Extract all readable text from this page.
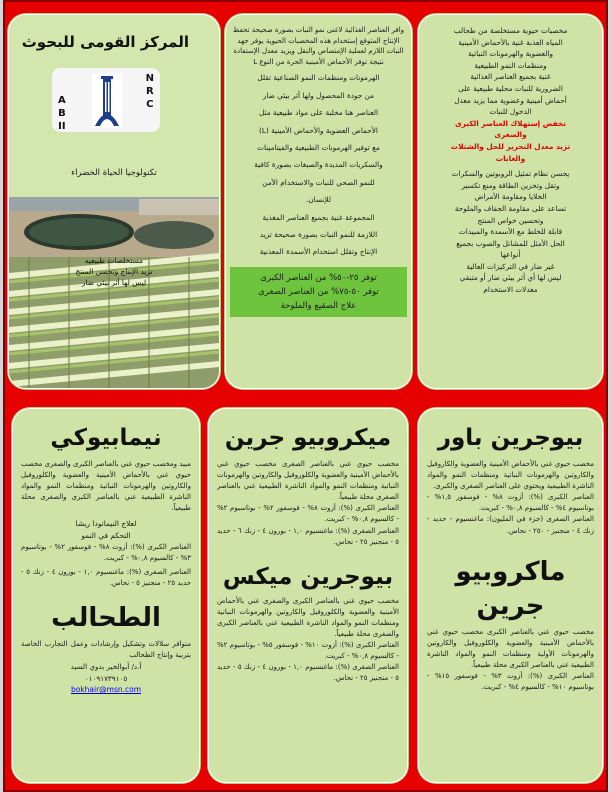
مخصبات حيوية مستخلصة من طحالب
المياه العذبة غنية بالأحماض الأمينية
والعضوية والهرمونات النباتية
ومنظمات النمو الطبيعية
غنية بجميع العناصر الغذائية
الضرورية للنبات محلية طبيعية على
أحماض أمينية وعضوية مما يزيد معدل
الدخول للنبات
تخفض إستهلاك العناصر الكبرى
والصغرى
تزيد معدل التحرير للحل والشتلات
والغابات
يحسن نظام تمثيل الروبوتين والسكرات
وتقل وتخزين الطاقة ومنع تكسير
الخلايا ومقاومة الأمراض
تساعد على مقاومة الجفاف والملوحة
وتحسين خواص المنتج
قابلة للخلط مع الأسمدة والمبيدات
الحل الأمثل للمشاتل والصوب بجميع
أنواعها
غير ضار في التركيزات العالية
ليس لها أي أثر بيئي ضار أو متبقي
معدلات الاستخدام
وافر العناصر الغذائية لاغنى نمو النبات بصورة صحيحة تحفظ الإنتاج المتوقع إستخدام هذه المخصبات الحيوية يوفر جهد النبات اللازم لعملية الإمتصاص والنقل ويزيد معدل الإستفادة نتيجة توفر الأحماض الأمينية الحرة من النوع L
الهرمونات ومنظمات النمو الصناعية تقلل
من جودة المحصول ولها أثر بيئي ضار
العناصر هنا مخلبة على مواد طبيعية مثل
الأحماض العضوية والأحماض الأمينية (L)
مع توفير الهرمونات الطبيعية والفيتامينات
والسكريات المديدة والصبغات بصورة كافية
للنمو الصحي للنبات والاستخدام الآمن
للإنسان.
المجموعة غنية بجميع العناصر المغذية
اللازمة للنمو النبات بصورة صحيحة تزيد
الإنتاج وتقلل استخدام الأسمدة المعدنية
توفر ٢٥-٥٠% من العناصر الكبرى
توفر ٥٠-٧٥% من العناصر الصغرى
علاج الصقيع والملوحة
المركز القومى للبحوث
N
R
C
A
B
II
تكنولوجيا الحياة الخضراء
مستخلصات طبيعيه
تزيد الإنتاج وتحسن المنتج
ليس لها أثر بيئي ضار
بيوجرين باور
مخصب حيوي غني بالأحماض الأمينية والعضوية والكاروفيل والكاروتين والهرمونات النباتية ومنظمات النمو والمواد الناشرة الطبيعية ويحتوي على العناصر الصغرى والكبرى.
العناصر الكبرى (%): أزوت ٨% - فوسفور ١,٥% - بوتاسيوم ٤% - كالسيوم ٠,٨% - كبريت.
العناصر الصغرى (جزء في المليون): ماغنسيوم - حديد - زنك ٤ - منجنيز - ٢٥٠ - نحاس.
ماكروبيو
جرين
مخصب حيوي غني بالعناصر الكبرى مخصب حيوي غني بالأحماض الأمينية والعضوية والكلوروفيل والكاروتين والهرمونات الأولية ومنظمات النمو والمواد الناشرة الطبيعية غني بالعناصر الكبرى محلة طبيعياً.
العناصر الكبرى (%): أزوت ٣% - فوسفور ١٥% - بوتاسيوم ١٠% - كالسيوم ٤% - كبريت.
ميكروبيو جرين
مخصب حيوي غني بالعناصر الصغرى مخصب حيوي غني بالأحماض الأمينية والعضوية والكلوروفيل والكاروتين والهرمونات النباتية ومنظمات النمو والمواد الناشرة الطبيعية غني بالعناصر الصغرى محلة طبيعياً.
العناصر الكبرى (%): أزوت ٨% - فوسفور ٢% - بوتاسيوم ٢% - كالسيوم ٠,٨% - كبريت.
العناصر الصغرى (%): ماغنسيوم ١,٠ - بورون ٤ - زنك ٦ - حديد ٥ - منجنيز ٢٥ - نحاس.
بيوجرين ميكس
مخصب حيوي غني بالعناصر الكبرى والصغرى غني بالأحماض الأمينية والعضوية والكلوروفيل والكاروتين والهرمونات النباتية ومنظمات النمو والمواد الناشرة الطبيعية غني بالعناصر الكبرى والصغرى محلة طبيعياً.
العناصر الكبرى (%): أزوت ١٠% - فوسفور ٥% - بوتاسيوم ٢% - كالسيوم ٠,٨% - كبريت.
العناصر الصغرى (%): ماغنسيوم ١,٠ - بورون ٤ - زنك ٥ - حديد ٥ - منجنيز ٢٥ - نحاس.
نيمابيوكي
مبيد ومخصب حيوي غني بالعناصر الكبرى والصغرى مخصب حيوي غني بالأحماض الأمينية والعضوية والكلوروفيل والكاروتين والهرمونات النباتية ومنظمات النمو والمواد الناشرة الطبيعية غني بالعناصر الكبرى والصغرى محلة طبيعياً.
لعلاج النيماتودا ريشا
التحكم في النمو
العناصر الكبرى (%): أزوت ٨% - فوسفور ٢% - بوتاسيوم ٣% - كالسيوم ٠,٨% - كبريت.
العناصر الصغرى (%): ماغنسيوم ١,٠ - بورون ٤ - زنك ٥ - حديد ٢٥ - منجنيز ٥ - نحاس.
الطحالب
متوافر سلالات وتشكيل وإرشادات وعمل التجارب الخاصة بتربية وإنتاج الطحالب
أ.د/ أبوالخير بدوي السيد
٠١٠٩١٧٣٩١٠٥
bokhair@msn.com
